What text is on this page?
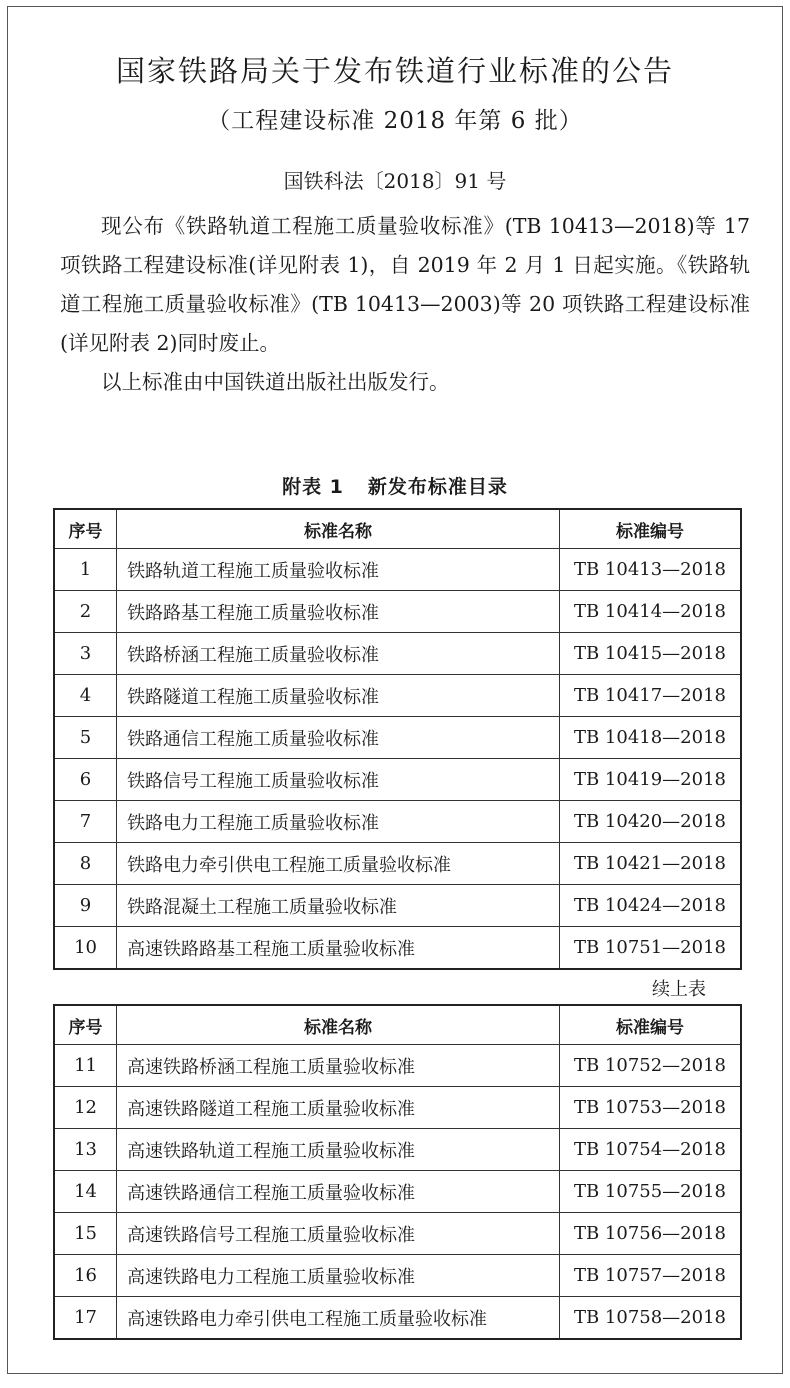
国家铁路局关于发布铁道行业标准的公告
（工程建设标准 2018 年第 6 批）
国铁科法〔2018〕91 号

现公布《铁路轨道工程施工质量验收标准》(TB 10413—2018)等 17 项铁路工程建设标准(详见附表 1)，自 2019 年 2 月 1 日起实施。《铁路轨道工程施工质量验收标准》(TB 10413—2003)等 20 项铁路工程建设标准(详见附表 2)同时废止。

以上标准由中国铁道出版社出版发行。

附表 1 新发布标准目录
序号	标准名称	标准编号
1	铁路轨道工程施工质量验收标准	TB 10413—2018
2	铁路路基工程施工质量验收标准	TB 10414—2018
3	铁路桥涵工程施工质量验收标准	TB 10415—2018
4	铁路隧道工程施工质量验收标准	TB 10417—2018
5	铁路通信工程施工质量验收标准	TB 10418—2018
6	铁路信号工程施工质量验收标准	TB 10419—2018
7	铁路电力工程施工质量验收标准	TB 10420—2018
8	铁路电力牵引供电工程施工质量验收标准	TB 10421—2018
9	铁路混凝土工程施工质量验收标准	TB 10424—2018
10	高速铁路路基工程施工质量验收标准	TB 10751—2018
续上表
序号	标准名称	标准编号
11	高速铁路桥涵工程施工质量验收标准	TB 10752—2018
12	高速铁路隧道工程施工质量验收标准	TB 10753—2018
13	高速铁路轨道工程施工质量验收标准	TB 10754—2018
14	高速铁路通信工程施工质量验收标准	TB 10755—2018
15	高速铁路信号工程施工质量验收标准	TB 10756—2018
16	高速铁路电力工程施工质量验收标准	TB 10757—2018
17	高速铁路电力牵引供电工程施工质量验收标准	TB 10758—2018
